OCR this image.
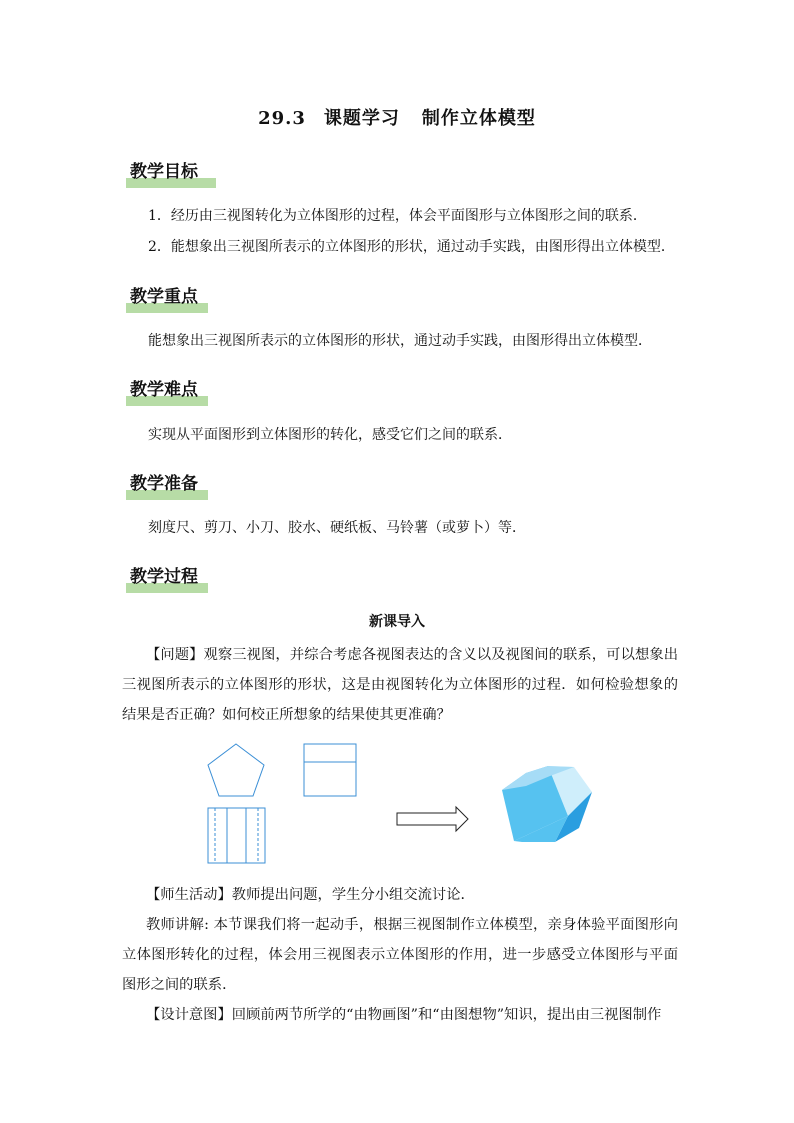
29.3 课题学习 制作立体模型
教学目标
1．经历由三视图转化为立体图形的过程，体会平面图形与立体图形之间的联系．
2．能想象出三视图所表示的立体图形的形状，通过动手实践，由图形得出立体模型．
教学重点
能想象出三视图所表示的立体图形的形状，通过动手实践，由图形得出立体模型．
教学难点
实现从平面图形到立体图形的转化，感受它们之间的联系．
教学准备
刻度尺、剪刀、小刀、胶水、硬纸板、马铃薯（或萝卜）等．
教学过程
新课导入
【问题】观察三视图，并综合考虑各视图表达的含义以及视图间的联系，可以想象出三视图所表示的立体图形的形状，这是由视图转化为立体图形的过程．如何检验想象的结果是否正确？如何校正所想象的结果使其更准确？
【师生活动】教师提出问题，学生分小组交流讨论．
教师讲解: 本节课我们将一起动手，根据三视图制作立体模型，亲身体验平面图形向立体图形转化的过程，体会用三视图表示立体图形的作用，进一步感受立体图形与平面图形之间的联系．
【设计意图】回顾前两节所学的“由物画图”和“由图想物”知识，提出由三视图制作
